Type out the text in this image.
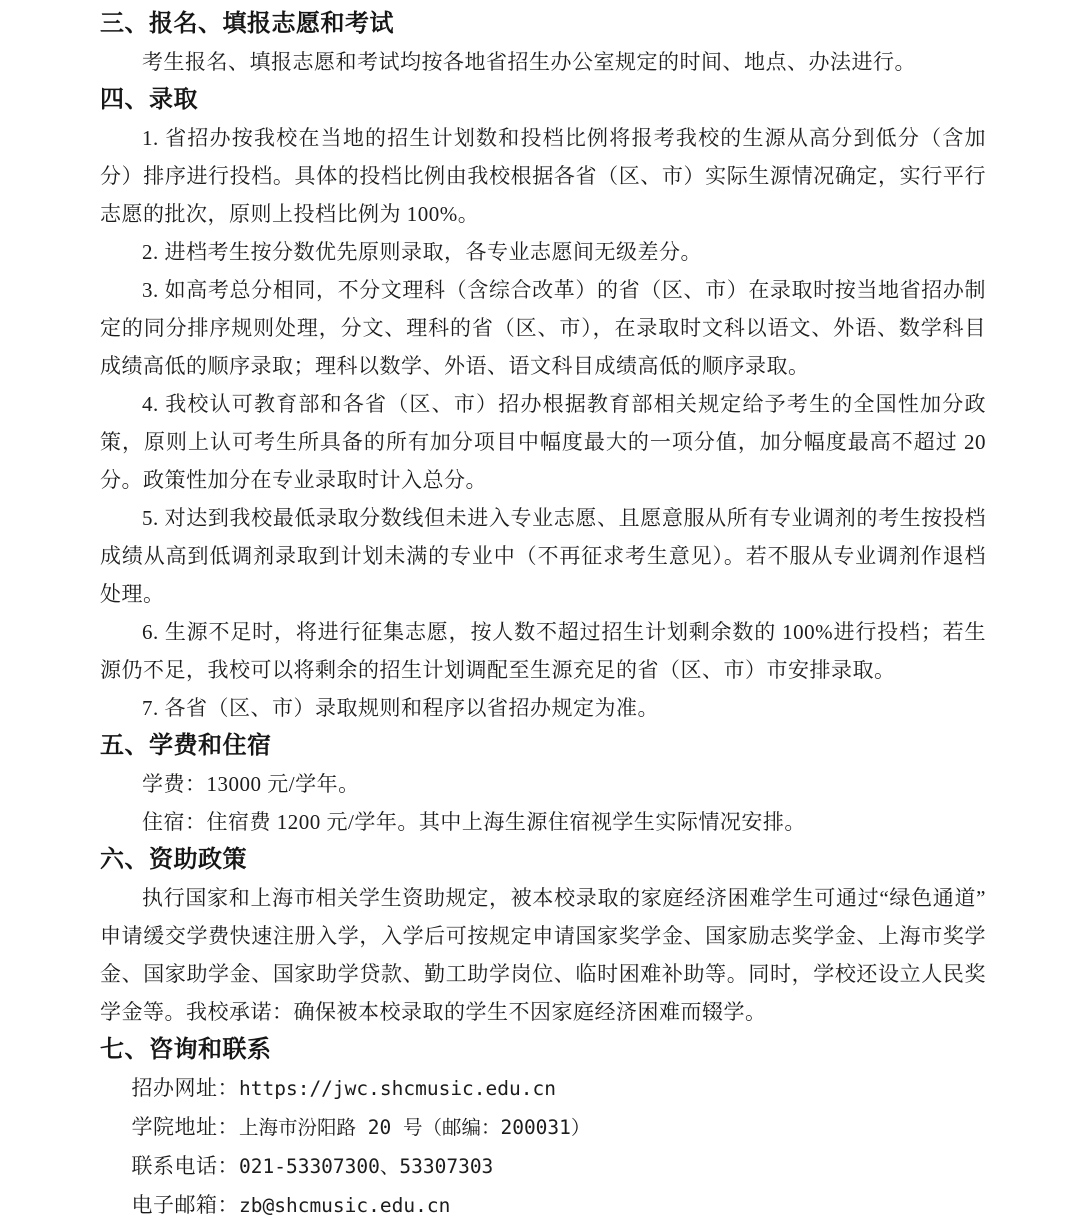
三、报名、填报志愿和考试

考生报名、填报志愿和考试均按各地省招生办公室规定的时间、地点、办法进行。

四、录取

1. 省招办按我校在当地的招生计划数和投档比例将报考我校的生源从高分到低分（含加分）排序进行投档。具体的投档比例由我校根据各省（区、市）实际生源情况确定，实行平行志愿的批次，原则上投档比例为 100%。

2. 进档考生按分数优先原则录取，各专业志愿间无级差分。

3. 如高考总分相同，不分文理科（含综合改革）的省（区、市）在录取时按当地省招办制定的同分排序规则处理，分文、理科的省（区、市），在录取时文科以语文、外语、数学科目成绩高低的顺序录取；理科以数学、外语、语文科目成绩高低的顺序录取。

4. 我校认可教育部和各省（区、市）招办根据教育部相关规定给予考生的全国性加分政策，原则上认可考生所具备的所有加分项目中幅度最大的一项分值，加分幅度最高不超过 20 分。政策性加分在专业录取时计入总分。

5. 对达到我校最低录取分数线但未进入专业志愿、且愿意服从所有专业调剂的考生按投档成绩从高到低调剂录取到计划未满的专业中（不再征求考生意见）。若不服从专业调剂作退档处理。

6. 生源不足时，将进行征集志愿，按人数不超过招生计划剩余数的 100%进行投档；若生源仍不足，我校可以将剩余的招生计划调配至生源充足的省（区、市）市安排录取。

7. 各省（区、市）录取规则和程序以省招办规定为准。

五、学费和住宿

学费：13000 元/学年。

住宿：住宿费 1200 元/学年。其中上海生源住宿视学生实际情况安排。

六、资助政策

执行国家和上海市相关学生资助规定，被本校录取的家庭经济困难学生可通过“绿色通道”申请缓交学费快速注册入学，入学后可按规定申请国家奖学金、国家励志奖学金、上海市奖学金、国家助学金、国家助学贷款、勤工助学岗位、临时困难补助等。同时，学校还设立人民奖学金等。我校承诺：确保被本校录取的学生不因家庭经济困难而辍学。

七、咨询和联系

招办网址：https://jwc.shcmusic.edu.cn

学院地址：上海市汾阳路 20 号（邮编：200031）

联系电话：021-53307300、53307303

电子邮箱：zb@shcmusic.edu.cn
